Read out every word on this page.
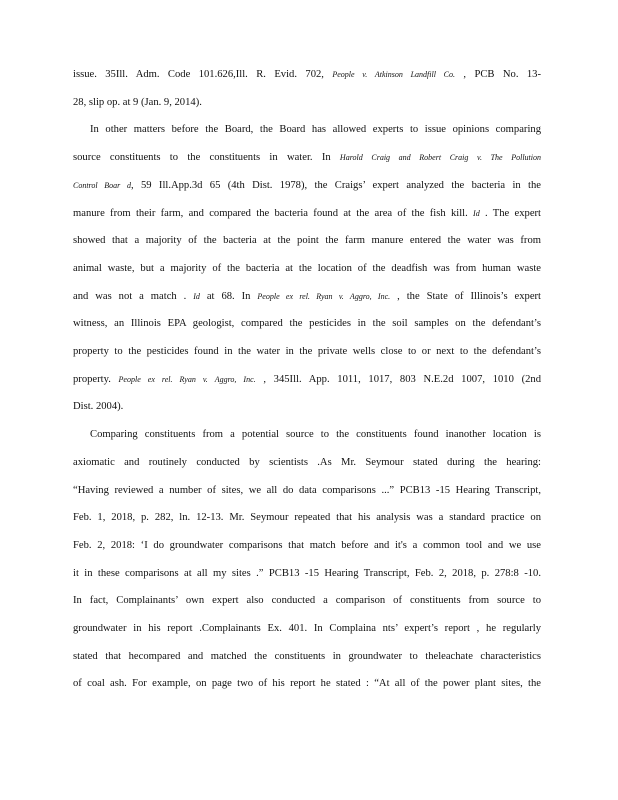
issue. 35Ill. Adm. Code 101.626,Ill. R. Evid. 702, People v. Atkinson Landfill Co. , PCB No. 13-
28, slip op. at 9 (Jan. 9, 2014).
In other matters before the Board, the Board has allowed experts to issue opinions comparing
source constituents to the constituents in water. In Harold Craig and Robert Craig v. The Pollution
Control Boar d, 59 Ill.App.3d 65 (4th Dist. 1978), the Craigs’ expert analyzed the bacteria in the
manure from their farm, and compared the bacteria found at the area of the fish kill. Id . The expert
showed that a majority of the bacteria at the point the farm manure entered the water was from
animal waste, but a majority of the bacteria at the location of the deadfish was from human waste
and was not a match . Id at 68. In People ex rel. Ryan v. Aggro, Inc. , the State of Illinois’s expert
witness, an Illinois EPA geologist, compared the pesticides in the soil samples on the defendant’s
property to the pesticides found in the water in the private wells close to or next to the defendant’s
property. People ex rel. Ryan v. Aggro, Inc. , 345Ill. App. 1011, 1017, 803 N.E.2d 1007, 1010 (2nd
Dist. 2004).
Comparing constituents from a potential source to the constituents found inanother location is
axiomatic and routinely conducted by scientists .As Mr. Seymour stated during the hearing:
“Having reviewed a number of sites, we all do data comparisons ...” PCB13 -15 Hearing Transcript,
Feb. 1, 2018, p. 282, ln. 12-13. Mr. Seymour repeated that his analysis was a standard practice on
Feb. 2, 2018: ‘I do groundwater comparisons that match before and it's a common tool and we use
it in these comparisons at all my sites .” PCB13 -15 Hearing Transcript, Feb. 2, 2018, p. 278:8 -10.
In fact, Complainants’ own expert also conducted a comparison of constituents from source to
groundwater in his report .Complainants Ex. 401. In Complaina nts’ expert’s report , he regularly
stated that hecompared and matched the constituents in groundwater to theleachate characteristics
of coal ash. For example, on page two of his report he stated : “At all of the power plant sites, the
